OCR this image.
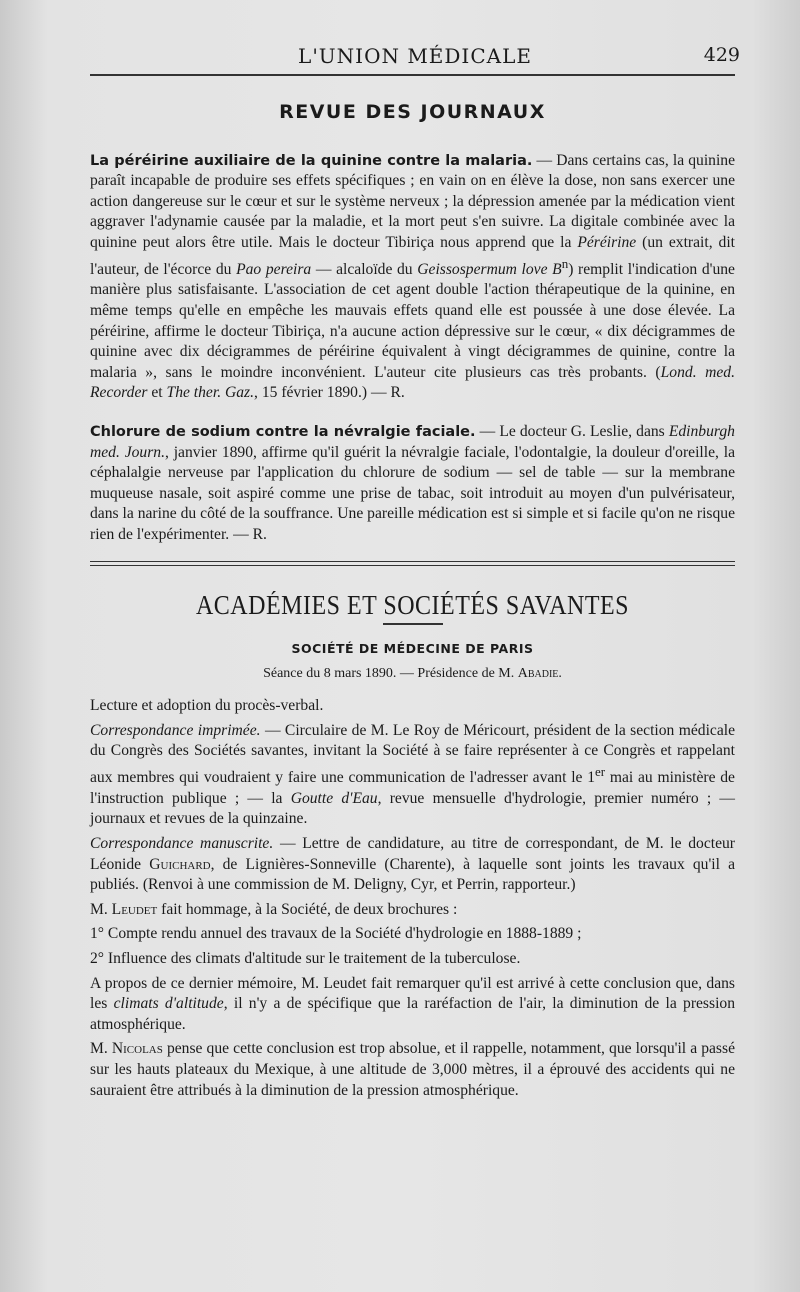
L'UNION MÉDICALE	429
REVUE DES JOURNAUX

La péréirine auxiliaire de la quinine contre la malaria. — Dans certains cas, la quinine paraît incapable de produire ses effets spécifiques ; en vain on en élève la dose, non sans exercer une action dangereuse sur le cœur et sur le système nerveux ; la dépression amenée par la médication vient aggraver l'adynamie causée par la maladie, et la mort peut s'en suivre. La digitale combinée avec la quinine peut alors être utile. Mais le docteur Tibiriça nous apprend que la Péréirine (un extrait, dit l'auteur, de l'écorce du Pao pereira — alcaloïde du Geissospermum love $B^n$) remplit l'indication d'une manière plus satisfaisante. L'association de cet agent double l'action thérapeutique de la quinine, en même temps qu'elle en empêche les mauvais effets quand elle est poussée à une dose élevée. La péréirine, affirme le docteur Tibiriça, n'a aucune action dépressive sur le cœur, « dix décigrammes de quinine avec dix décigrammes de péréirine équivalent à vingt décigrammes de quinine, contre la malaria », sans le moindre inconvénient. L'auteur cite plusieurs cas très probants. (Lond. med. Recorder et The ther. Gaz., 15 février 1890.) — R.

Chlorure de sodium contre la névralgie faciale. — Le docteur G. Leslie, dans Edinburgh med. Journ., janvier 1890, affirme qu'il guérit la névralgie faciale, l'odontalgie, la douleur d'oreille, la céphalalgie nerveuse par l'application du chlorure de sodium — sel de table — sur la membrane muqueuse nasale, soit aspiré comme une prise de tabac, soit introduit au moyen d'un pulvérisateur, dans la narine du côté de la souffrance. Une pareille médication est si simple et si facile qu'on ne risque rien de l'expérimenter. — R.

ACADÉMIES ET SOCIÉTÉS SAVANTES
SOCIÉTÉ DE MÉDECINE DE PARIS
Séance du 8 mars 1890. — Présidence de M. Abadie.

Lecture et adoption du procès-verbal.

Correspondance imprimée. — Circulaire de M. Le Roy de Méricourt, président de la section médicale du Congrès des Sociétés savantes, invitant la Société à se faire représenter à ce Congrès et rappelant aux membres qui voudraient y faire une communication de l'adresser avant le 1er mai au ministère de l'instruction publique ; — la Goutte d'Eau, revue mensuelle d'hydrologie, premier numéro ; — journaux et revues de la quinzaine.

Correspondance manuscrite. — Lettre de candidature, au titre de correspondant, de M. le docteur Léonide Guichard, de Lignières-Sonneville (Charente), à laquelle sont joints les travaux qu'il a publiés. (Renvoi à une commission de M. Deligny, Cyr, et Perrin, rapporteur.)

M. Leudet fait hommage, à la Société, de deux brochures :

1° Compte rendu annuel des travaux de la Société d'hydrologie en 1888-1889 ;
2° Influence des climats d'altitude sur le traitement de la tuberculose.

A propos de ce dernier mémoire, M. Leudet fait remarquer qu'il est arrivé à cette conclusion que, dans les climats d'altitude, il n'y a de spécifique que la raréfaction de l'air, la diminution de la pression atmosphérique.

M. Nicolas pense que cette conclusion est trop absolue, et il rappelle, notamment, que lorsqu'il a passé sur les hauts plateaux du Mexique, à une altitude de 3,000 mètres, il a éprouvé des accidents qui ne sauraient être attribués à la diminution de la pression atmosphérique.
